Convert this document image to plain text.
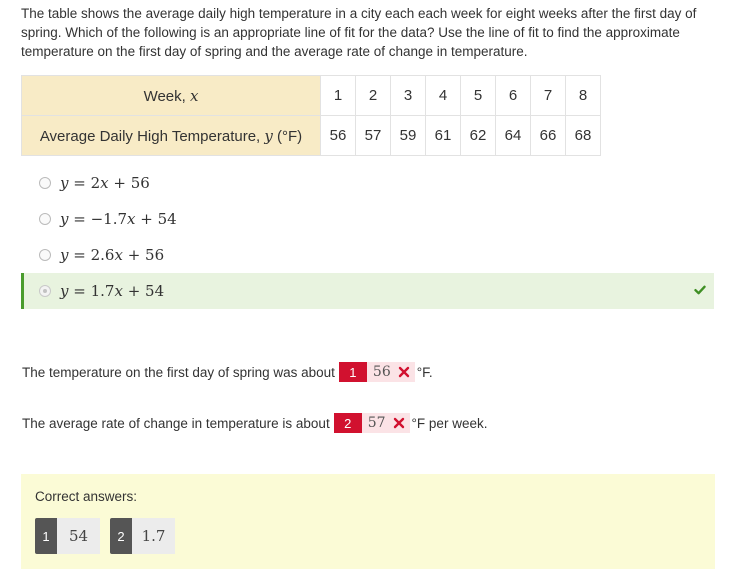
The table shows the average daily high temperature in a city each each week for eight weeks after the first day of spring. Which of the following is an appropriate line of fit for the data? Use the line of fit to find the approximate temperature on the first day of spring and the average rate of change in temperature.
Week, x	1	2	3	4	5	6	7	8
Average Daily High Temperature, y (°F)	56	57	59	61	62	64	66	68
y = 2x + 56
y = −1.7x + 54
y = 2.6x + 56
y = 1.7x + 54
The temperature on the first day of spring was about	1	56 °F.
The average rate of change in temperature is about	2	57 °F per week.
Correct answers:
1	54	2	1.7
